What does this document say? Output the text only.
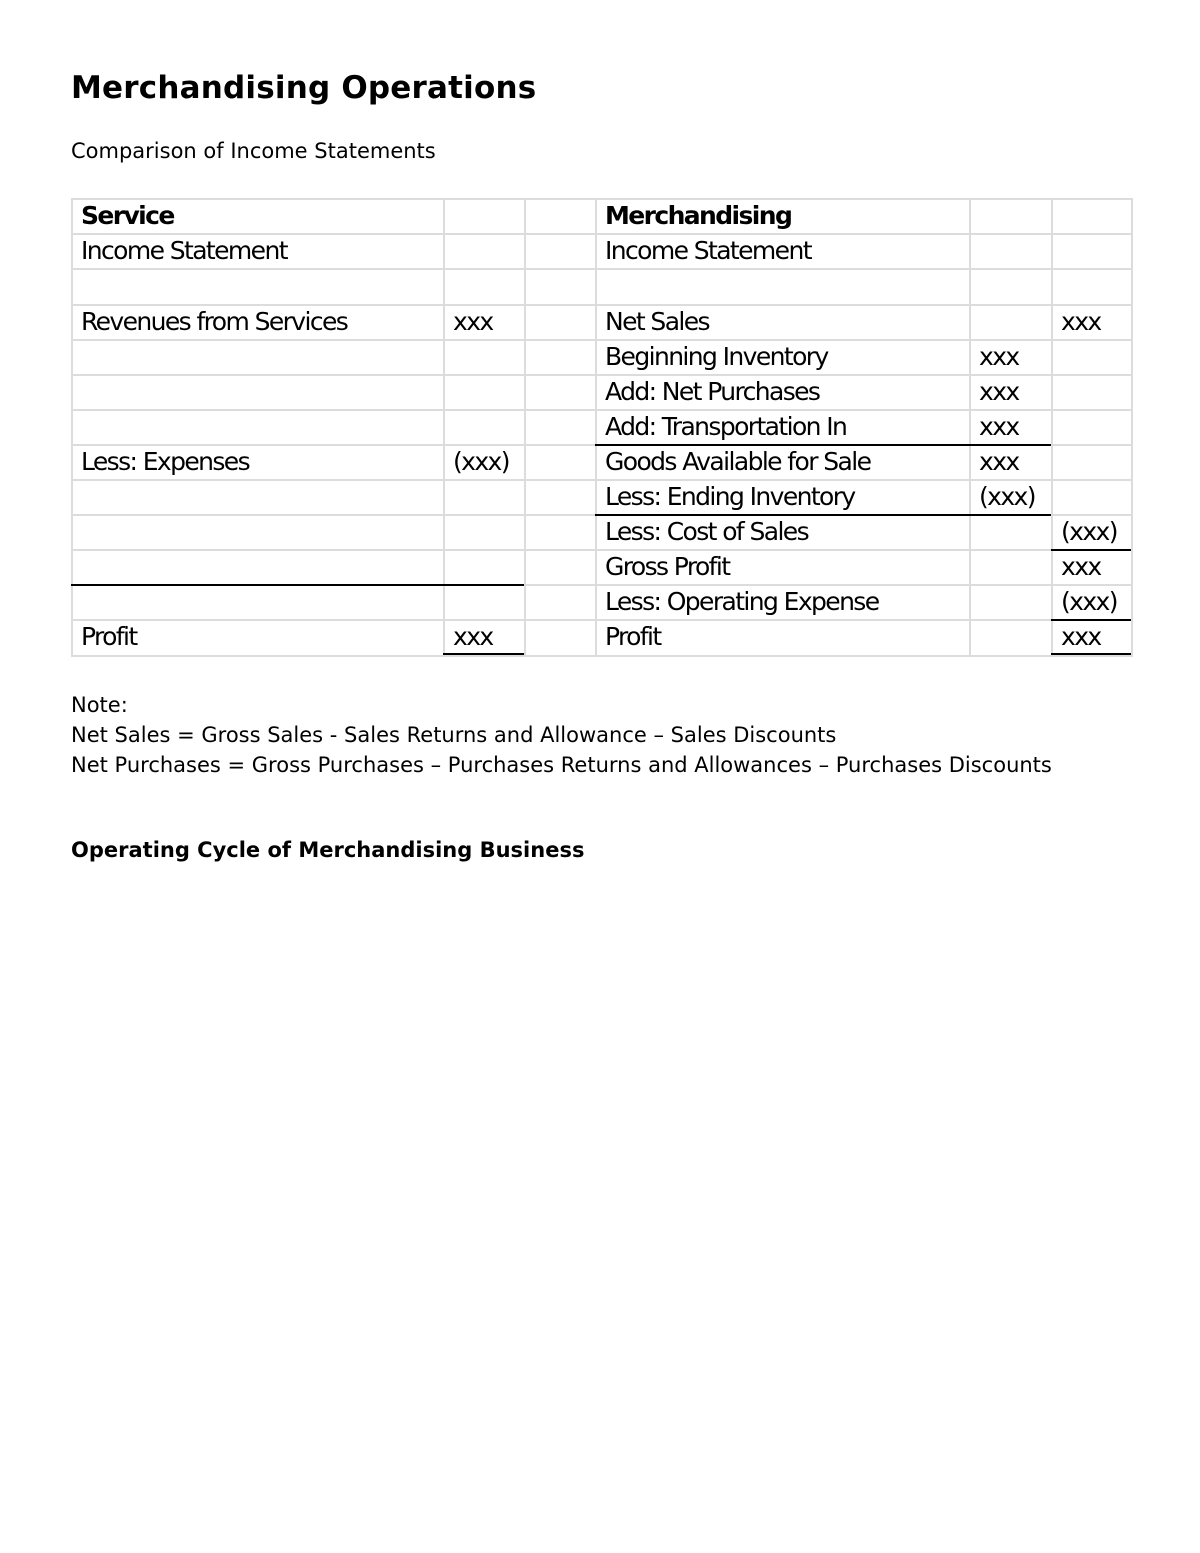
Merchandising Operations

Comparison of Income Statements

Service
Income Statement
Revenues from Services	xxx
Less: Expenses	(xxx)
Profit	xxx
Merchandising
Income Statement
Net Sales	xxx
Beginning Inventory	xxx
Add: Net Purchases	xxx
Add: Transportation In	xxx
Goods Available for Sale	xxx
Less: Ending Inventory	(xxx)
Less: Cost of Sales	(xxx)
Gross Profit	xxx
Less: Operating Expense	(xxx)
Profit	xxx

Note:

Net Sales = Gross Sales - Sales Returns and Allowance – Sales Discounts

Net Purchases = Gross Purchases – Purchases Returns and Allowances – Purchases Discounts

Operating Cycle of Merchandising Business
